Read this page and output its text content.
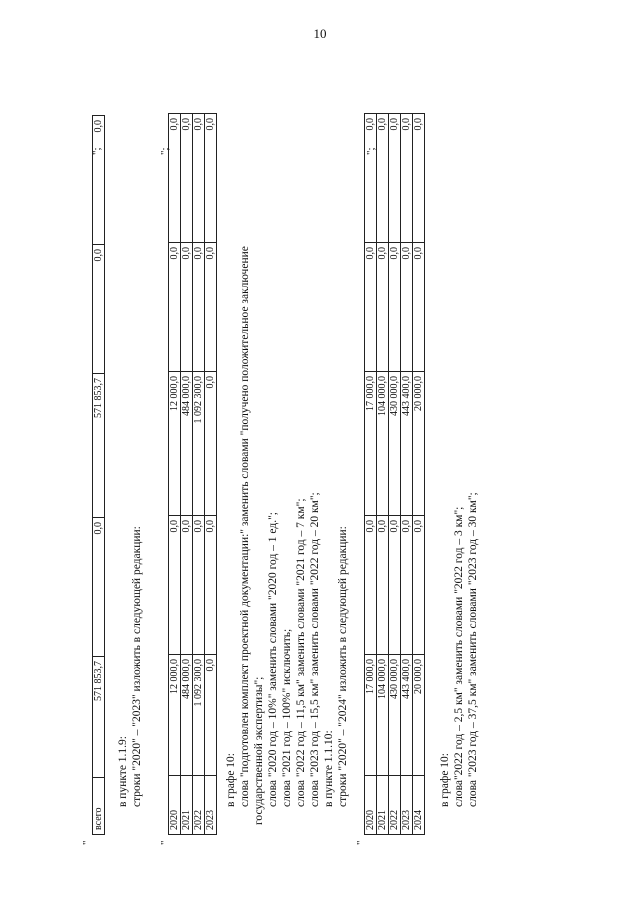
10
"
всего	571 853,7	0,0	571 853,7	0,0	0,0
";
в пункте 1.1.9: строки "2020" – "2023" изложить в следующей редакции:
"
2020	12 000,0	0,0	12 000,0	0,0	0,0
2021	484 000,0	0,0	484 000,0	0,0	0,0
2022	1 092 300,0	0,0	1 092 300,0	0,0	0,0
2023	0,0	0,0	0,0	0,0	0,0
";
в графе 10: слова "подготовлен комплект проектной документации:" заменить словами "получено положительное заключение государственной экспертизы"; слова "2020 год – 10%" заменить словами "2020 год – 1 ед."; слова "2021 год – 100%" исключить; слова "2022 год – 11,5 км" заменить словами "2021 год – 7 км"; слова "2023 год – 15,5 км" заменить словами "2022 год – 20 км"; в пункте 1.1.10: строки "2020" – "2024" изложить в следующей редакции:
"
2020	17 000,0	0,0	17 000,0	0,0	0,0
2021	104 000,0	0,0	104 000,0	0,0	0,0
2022	430 000,0	0,0	430 000,0	0,0	0,0
2023	443 400,0	0,0	443 400,0	0,0	0,0
2024	20 000,0	0,0	20 000,0	0,0	0,0
";
в графе 10: слова"2022 год – 2,5 км" заменить словами "2022 год – 3 км"; слова "2023 год – 37,5 км" заменить словами "2023 год – 30 км";
